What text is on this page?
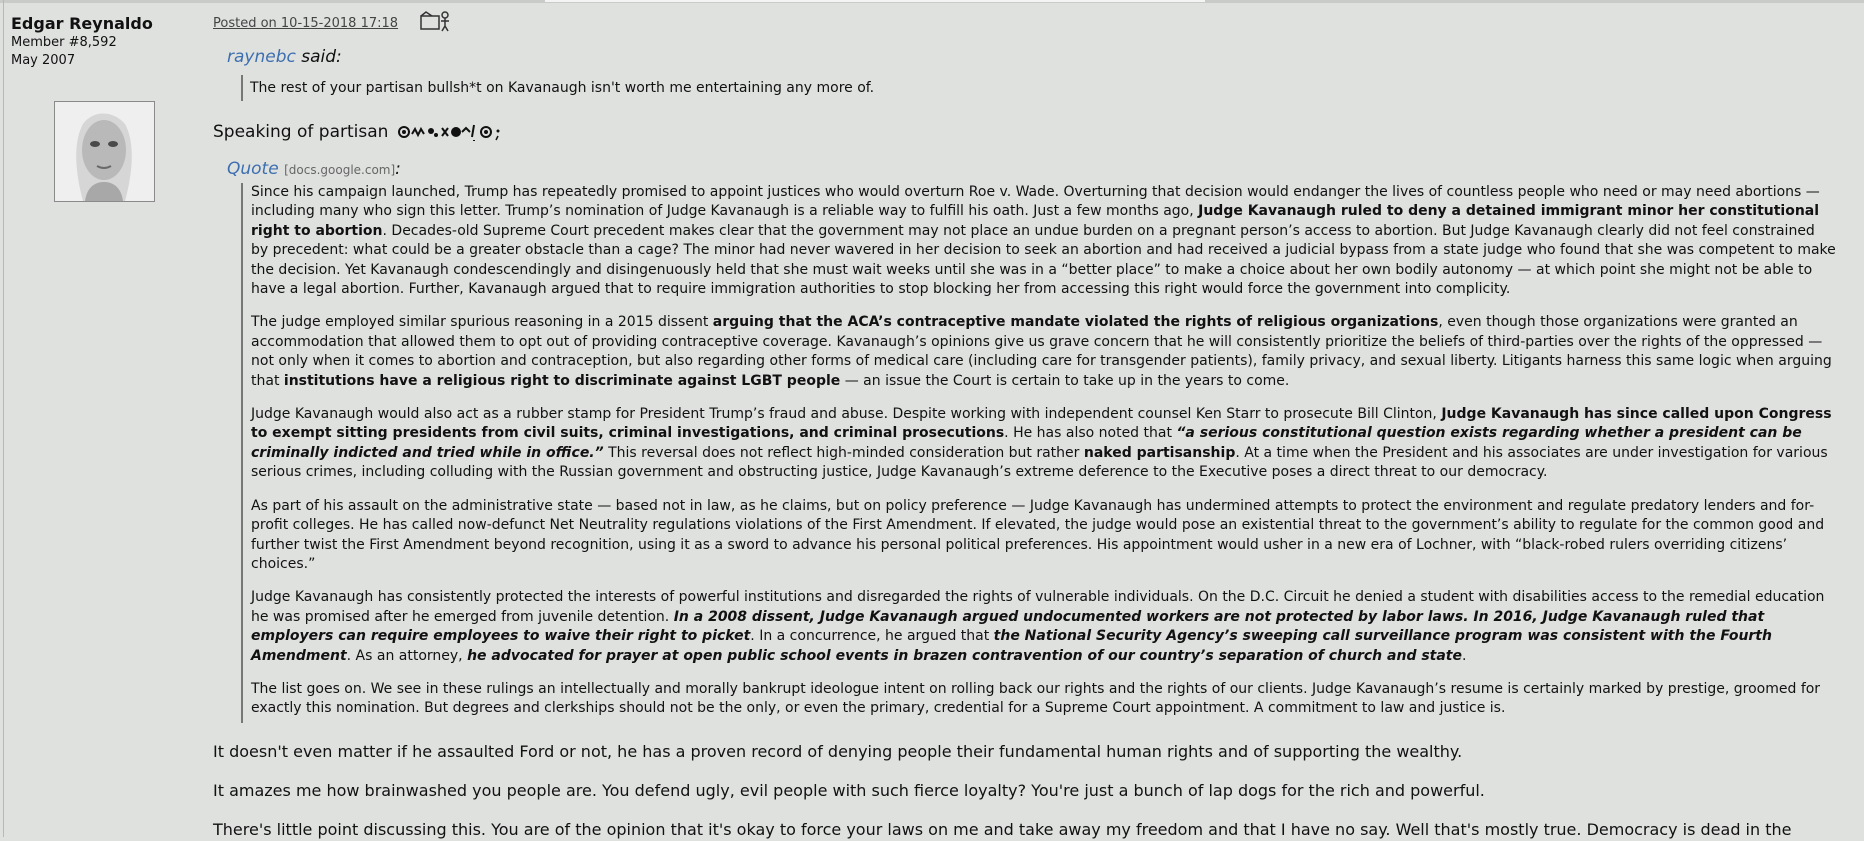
Edgar Reynaldo
Member #8,592
May 2007
Posted on 10-15-2018 17:18
raynebc said:
The rest of your partisan bullsh*t on Kavanaugh isn't worth me entertaining any more of.
Speaking of partisan
Quote [docs.google.com]:

Since his campaign launched, Trump has repeatedly promised to appoint justices who would overturn Roe v. Wade. Overturning that decision would endanger the lives of countless people who need or may need abortions — including many who sign this letter. Trump’s nomination of Judge Kavanaugh is a reliable way to fulfill his oath. Just a few months ago, Judge Kavanaugh ruled to deny a detained immigrant minor her constitutional right to abortion. Decades-old Supreme Court precedent makes clear that the government may not place an undue burden on a pregnant person’s access to abortion. But Judge Kavanaugh clearly did not feel constrained by precedent: what could be a greater obstacle than a cage? The minor had never wavered in her decision to seek an abortion and had received a judicial bypass from a state judge who found that she was competent to make the decision. Yet Kavanaugh condescendingly and disingenuously held that she must wait weeks until she was in a “better place” to make a choice about her own bodily autonomy — at which point she might not be able to have a legal abortion. Further, Kavanaugh argued that to require immigration authorities to stop blocking her from accessing this right would force the government into complicity.

The judge employed similar spurious reasoning in a 2015 dissent arguing that the ACA’s contraceptive mandate violated the rights of religious organizations, even though those organizations were granted an accommodation that allowed them to opt out of providing contraceptive coverage. Kavanaugh’s opinions give us grave concern that he will consistently prioritize the beliefs of third-parties over the rights of the oppressed — not only when it comes to abortion and contraception, but also regarding other forms of medical care (including care for transgender patients), family privacy, and sexual liberty. Litigants harness this same logic when arguing that institutions have a religious right to discriminate against LGBT people — an issue the Court is certain to take up in the years to come.

Judge Kavanaugh would also act as a rubber stamp for President Trump’s fraud and abuse. Despite working with independent counsel Ken Starr to prosecute Bill Clinton, Judge Kavanaugh has since called upon Congress to exempt sitting presidents from civil suits, criminal investigations, and criminal prosecutions. He has also noted that “a serious constitutional question exists regarding whether a president can be criminally indicted and tried while in office.” This reversal does not reflect high-minded consideration but rather naked partisanship. At a time when the President and his associates are under investigation for various serious crimes, including colluding with the Russian government and obstructing justice, Judge Kavanaugh’s extreme deference to the Executive poses a direct threat to our democracy.

As part of his assault on the administrative state — based not in law, as he claims, but on policy preference — Judge Kavanaugh has undermined attempts to protect the environment and regulate predatory lenders and for-profit colleges. He has called now-defunct Net Neutrality regulations violations of the First Amendment. If elevated, the judge would pose an existential threat to the government’s ability to regulate for the common good and further twist the First Amendment beyond recognition, using it as a sword to advance his personal political preferences. His appointment would usher in a new era of Lochner, with “black-robed rulers overriding citizens’ choices.”

Judge Kavanaugh has consistently protected the interests of powerful institutions and disregarded the rights of vulnerable individuals. On the D.C. Circuit he denied a student with disabilities access to the remedial education he was promised after he emerged from juvenile detention. In a 2008 dissent, Judge Kavanaugh argued undocumented workers are not protected by labor laws. In 2016, Judge Kavanaugh ruled that employers can require employees to waive their right to picket. In a concurrence, he argued that the National Security Agency’s sweeping call surveillance program was consistent with the Fourth Amendment. As an attorney, he advocated for prayer at open public school events in brazen contravention of our country’s separation of church and state.

The list goes on. We see in these rulings an intellectually and morally bankrupt ideologue intent on rolling back our rights and the rights of our clients. Judge Kavanaugh’s resume is certainly marked by prestige, groomed for exactly this nomination. But degrees and clerkships should not be the only, or even the primary, credential for a Supreme Court appointment. A commitment to law and justice is.

It doesn't even matter if he assaulted Ford or not, he has a proven record of denying people their fundamental human rights and of supporting the wealthy.
It amazes me how brainwashed you people are. You defend ugly, evil people with such fierce loyalty? You're just a bunch of lap dogs for the rich and powerful.
There's little point discussing this. You are of the opinion that it's okay to force your laws on me and take away my freedom and that I have no say. Well that's mostly true. Democracy is dead in the
